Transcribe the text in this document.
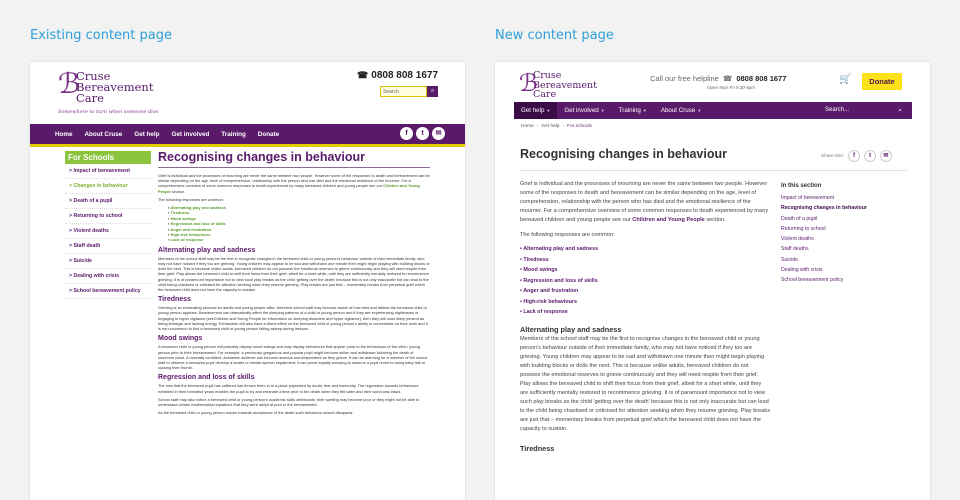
Existing content page	New content page
ℬ
Cruse
Bereavement
Care
Somewhere to turn when someone dies
☎ 0808 808 1677
Search	⌕
Home About Cruse Get help Get involved Training Donate	f	t	✉
For Schools
> Impact of bereavement
> Changes in behaviour
> Death of a pupil
> Returning to school
> Violent deaths
> Staff death
> Suicide
> Dealing with crisis
> School bereavement policy
Recognising changes in behaviour

Grief is individual and the processes of mourning are never the same between two people. However some of the responses to death and bereavement can be similar depending on the age, level of comprehension, relationship with the person who has died and the emotional resilience of the mourner. For a comprehensive overview of some common responses to death experienced by many bereaved children and young people see our Children and Young People section.

The following responses are common:

▪ Alternating play and sadness
▪ Tiredness
▪ Mood swings
▪ Regression and loss of skills
▪ Anger and frustration
▪ High-risk behaviours
▪ Lack of response
Alternating play and sadness

Members of the school staff may be the first to recognise changes in the bereaved child or young person's behaviour outside of their immediate family, who may not have noticed if they too are grieving. Young children may appear to be sad and withdrawn one minute then might begin playing with building blocks or dolls the next. This is because unlike adults, bereaved children do not possess the emotional reserves to grieve continuously and they will need respite from their grief. Play allows the bereaved child to shift their focus from their grief, albeit for a short while, until they are sufficiently mentally restored to recommence grieving. It is of paramount importance not to view such play breaks as the child 'getting over the death' because this is not only inaccurate but can lead to the child being chastised or criticised for attention seeking when they resume grieving. Play breaks are just that – momentary breaks from perpetual grief which the bereaved child does not have the capacity to sustain.

Tiredness

Grieving is an exhausting process for adults and young people alike, therefore school staff may become aware of how tired and listless the bereaved child or young person appears. Bereavement can dramatically affect the sleeping patterns of a child or young person and if they are experiencing nightmares or engaging in hyper vigilance (seeChildren and Young People for information on sleeping disorders and hyper vigilance), then they will most likely present as being lethargic and lacking energy. Exhaustion will also have a direct effect on the bereaved child or young person's ability to concentrate on their work and it is not uncommon to find a bereaved child or young person falling asleep during lessons.

Mood swings

A bereaved child or young person will probably display mood swings and may display behaviours that appear polar to the behaviours of the child / young person prior to their bereavement. For example, a previously gregarious and popular pupil might become sullen and withdrawn following the death of someone close. A normally confident, academic achiever can become anxious and despondent as they grieve. It can be alarming for a member of the school staff to observe a bereaved pupil develop a stutter or similar speech impairment; it can prove equally worrying to observe a pupil revert to using baby talk or sucking their thumb.

Regression and loss of skills

The loss that the bereaved pupil has suffered has thrown them in to a place populated by doubt, fear and insecurity. The regression towards behaviours exhibited in their formative years enables the pupil to try and emanate a time prior to the death when they felt safer and their world was intact.

School staff may also notice a bereaved child or young person's academic skills deteriorate; their spelling may become poor or they might not be able to understand certain mathematical equations that they were adept at prior to the bereavement.

As the bereaved child or young person moves towards acceptance of the death such behaviour should disappear.

ℬ
Cruse
Bereavement
Care
Call our free helpline ☎ 0808 808 1677
Open Mon-Fri 9.30-5pm
🛒	Donate
Get help ▼	Get involved ▼	Training ▼	About Cruse ▼	Search...	⌕
Home › Get help › For schools
Recognising changes in behaviour	Share this:	f	t	✉

Grief is individual and the processes of mourning are never the same between two people. However some of the responses to death and bereavement can be similar depending on the age, level of comprehension, relationship with the person who has died and the emotional resilience of the mourner. For a comprehensive overview of some common responses to death experienced by many bereaved children and young people see our Children and Young People section.

The following responses are common:

• Alternating play and sadness
• Tiredness
• Mood swings
• Regression and loss of skills
• Anger and frustration
• High-risk behaviours
• Lack of response
Alternating play and sadness

Members of the school staff may be the first to recognise changes in the bereaved child or young person's behaviour outside of their immediate family, who may not have noticed if they too are grieving. Young children may appear to be sad and withdrawn one minute then might begin playing with building blocks or dolls the next. This is because unlike adults, bereaved children do not possess the emotional reserves to grieve continuously and they will need respite from their grief. Play allows the bereaved child to shift their focus from their grief, albeit for a short while, until they are sufficiently mentally restored to recommence grieving. It is of paramount importance not to view such play breaks as the child 'getting over the death' because this is not only inaccurate but can lead to the child being chastised or criticised for attention seeking when they resume grieving. Play breaks are just that – momentary breaks from perpetual grief which the bereaved child does not have the capacity to sustain.

Tiredness
In this section
Impact of bereavement
Recognising changes in behaviour
Death of a pupil
Returning to school
Violent deaths
Staff deaths
Suicide
Dealing with crisis
School bereavement policy
